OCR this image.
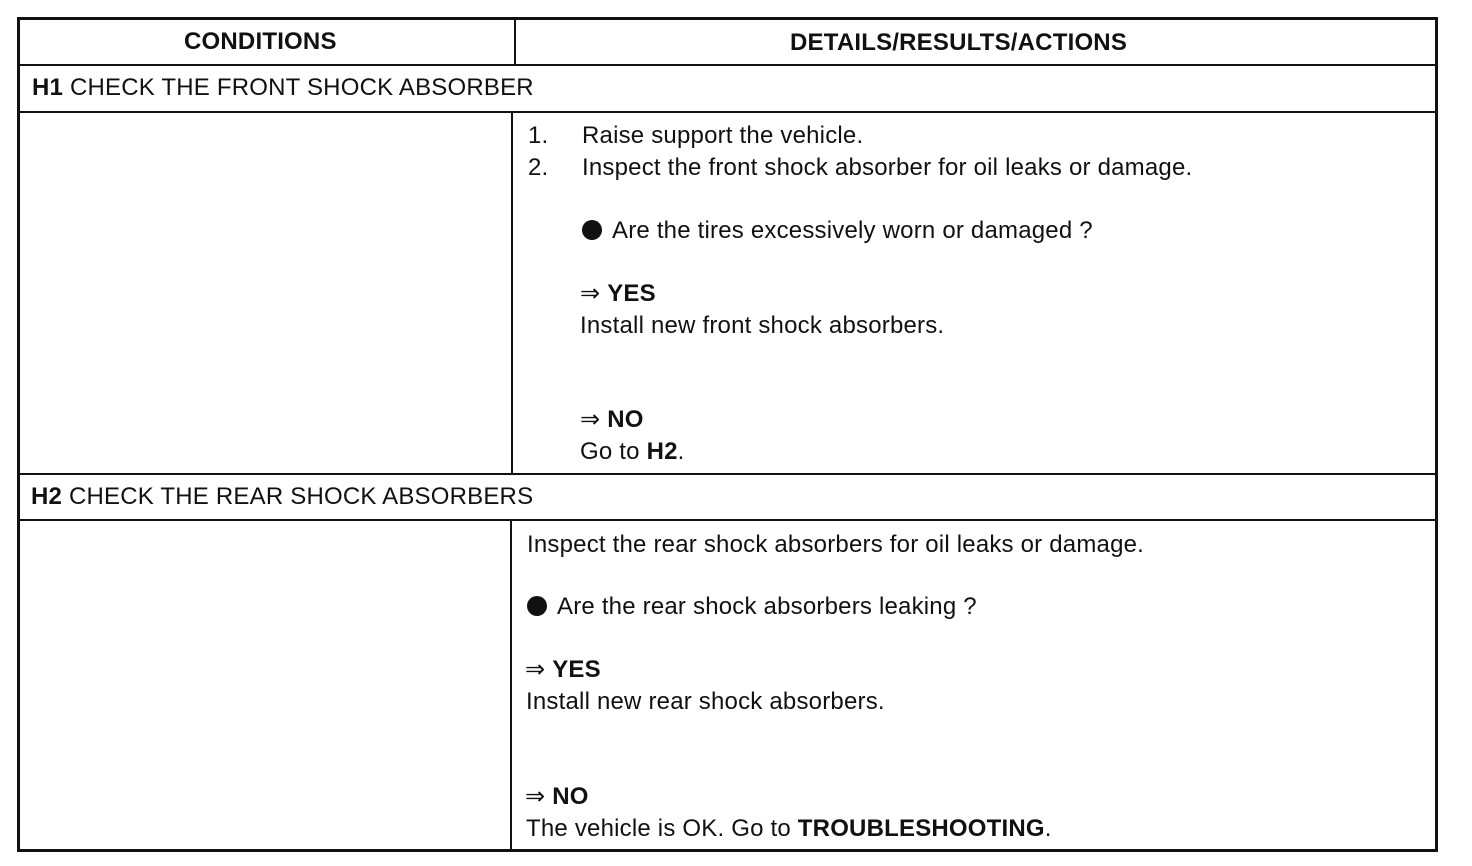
CONDITIONS	DETAILS/RESULTS/ACTIONS
H1 CHECK THE FRONT SHOCK ABSORBER
1. Raise support the vehicle.
2. Inspect the front shock absorber for oil leaks or damage.
Are the tires excessively worn or damaged ?
⇒ YES
Install new front shock absorbers.
⇒ NO
Go to H2.
H2 CHECK THE REAR SHOCK ABSORBERS
Inspect the rear shock absorbers for oil leaks or damage.
Are the rear shock absorbers leaking ?
⇒ YES
Install new rear shock absorbers.
⇒ NO
The vehicle is OK. Go to TROUBLESHOOTING.
